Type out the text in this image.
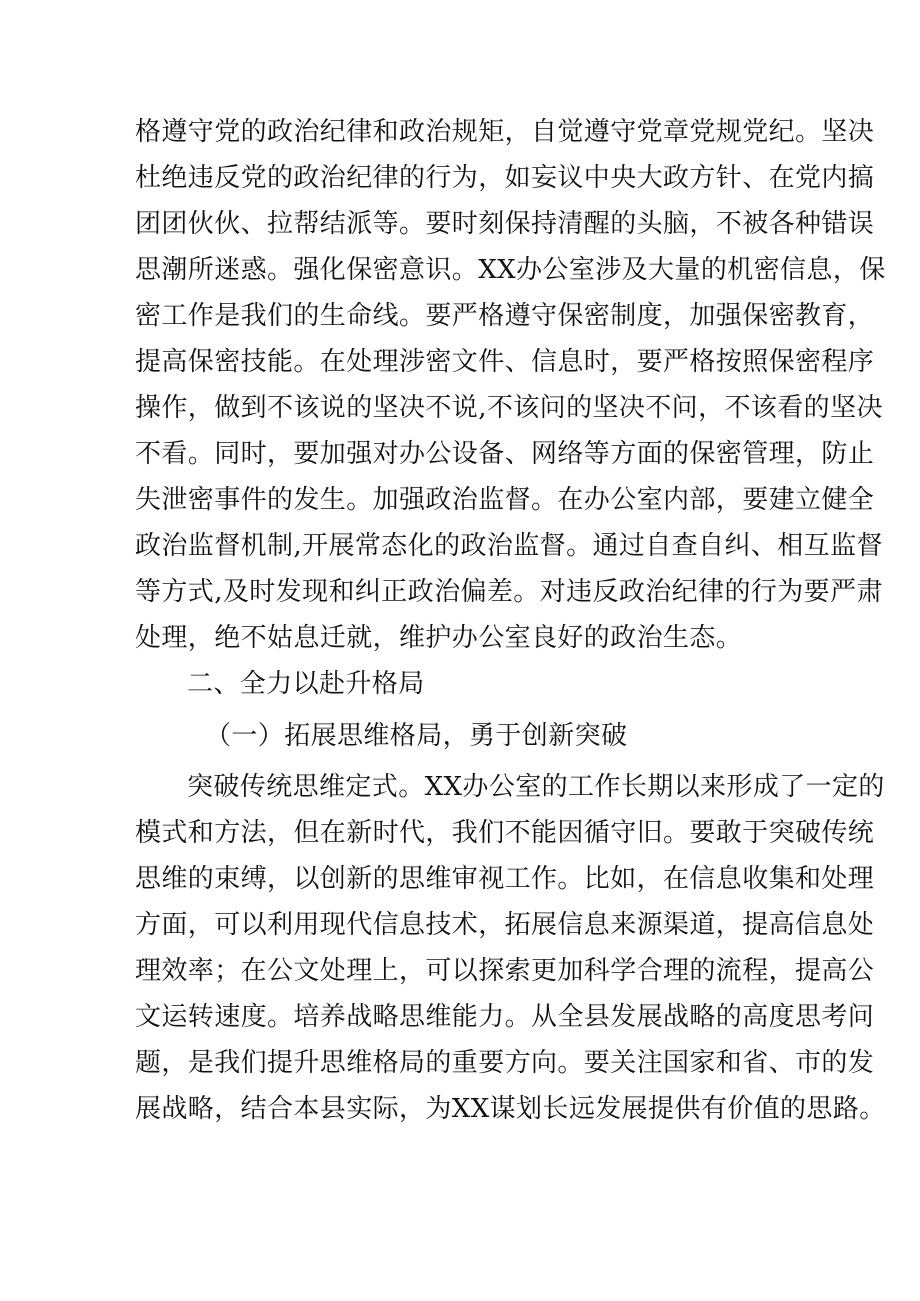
格遵守党的政治纪律和政治规矩，自觉遵守党章党规党纪。坚决
杜绝违反党的政治纪律的行为，如妄议中央大政方针、在党内搞
团团伙伙、拉帮结派等。要时刻保持清醒的头脑，不被各种错误
思潮所迷惑。强化保密意识。XX办公室涉及大量的机密信息，保
密工作是我们的生命线。要严格遵守保密制度，加强保密教育，
提高保密技能。在处理涉密文件、信息时，要严格按照保密程序
操作，做到不该说的坚决不说,不该问的坚决不问，不该看的坚决
不看。同时，要加强对办公设备、网络等方面的保密管理，防止
失泄密事件的发生。加强政治监督。在办公室内部，要建立健全
政治监督机制,开展常态化的政治监督。通过自查自纠、相互监督
等方式,及时发现和纠正政治偏差。对违反政治纪律的行为要严肃
处理，绝不姑息迁就，维护办公室良好的政治生态。
二、全力以赴升格局
（一）拓展思维格局，勇于创新突破
突破传统思维定式。XX办公室的工作长期以来形成了一定的
模式和方法，但在新时代，我们不能因循守旧。要敢于突破传统
思维的束缚，以创新的思维审视工作。比如，在信息收集和处理
方面，可以利用现代信息技术，拓展信息来源渠道，提高信息处
理效率；在公文处理上，可以探索更加科学合理的流程，提高公
文运转速度。培养战略思维能力。从全县发展战略的高度思考问
题，是我们提升思维格局的重要方向。要关注国家和省、市的发
展战略，结合本县实际，为XX谋划长远发展提供有价值的思路。
